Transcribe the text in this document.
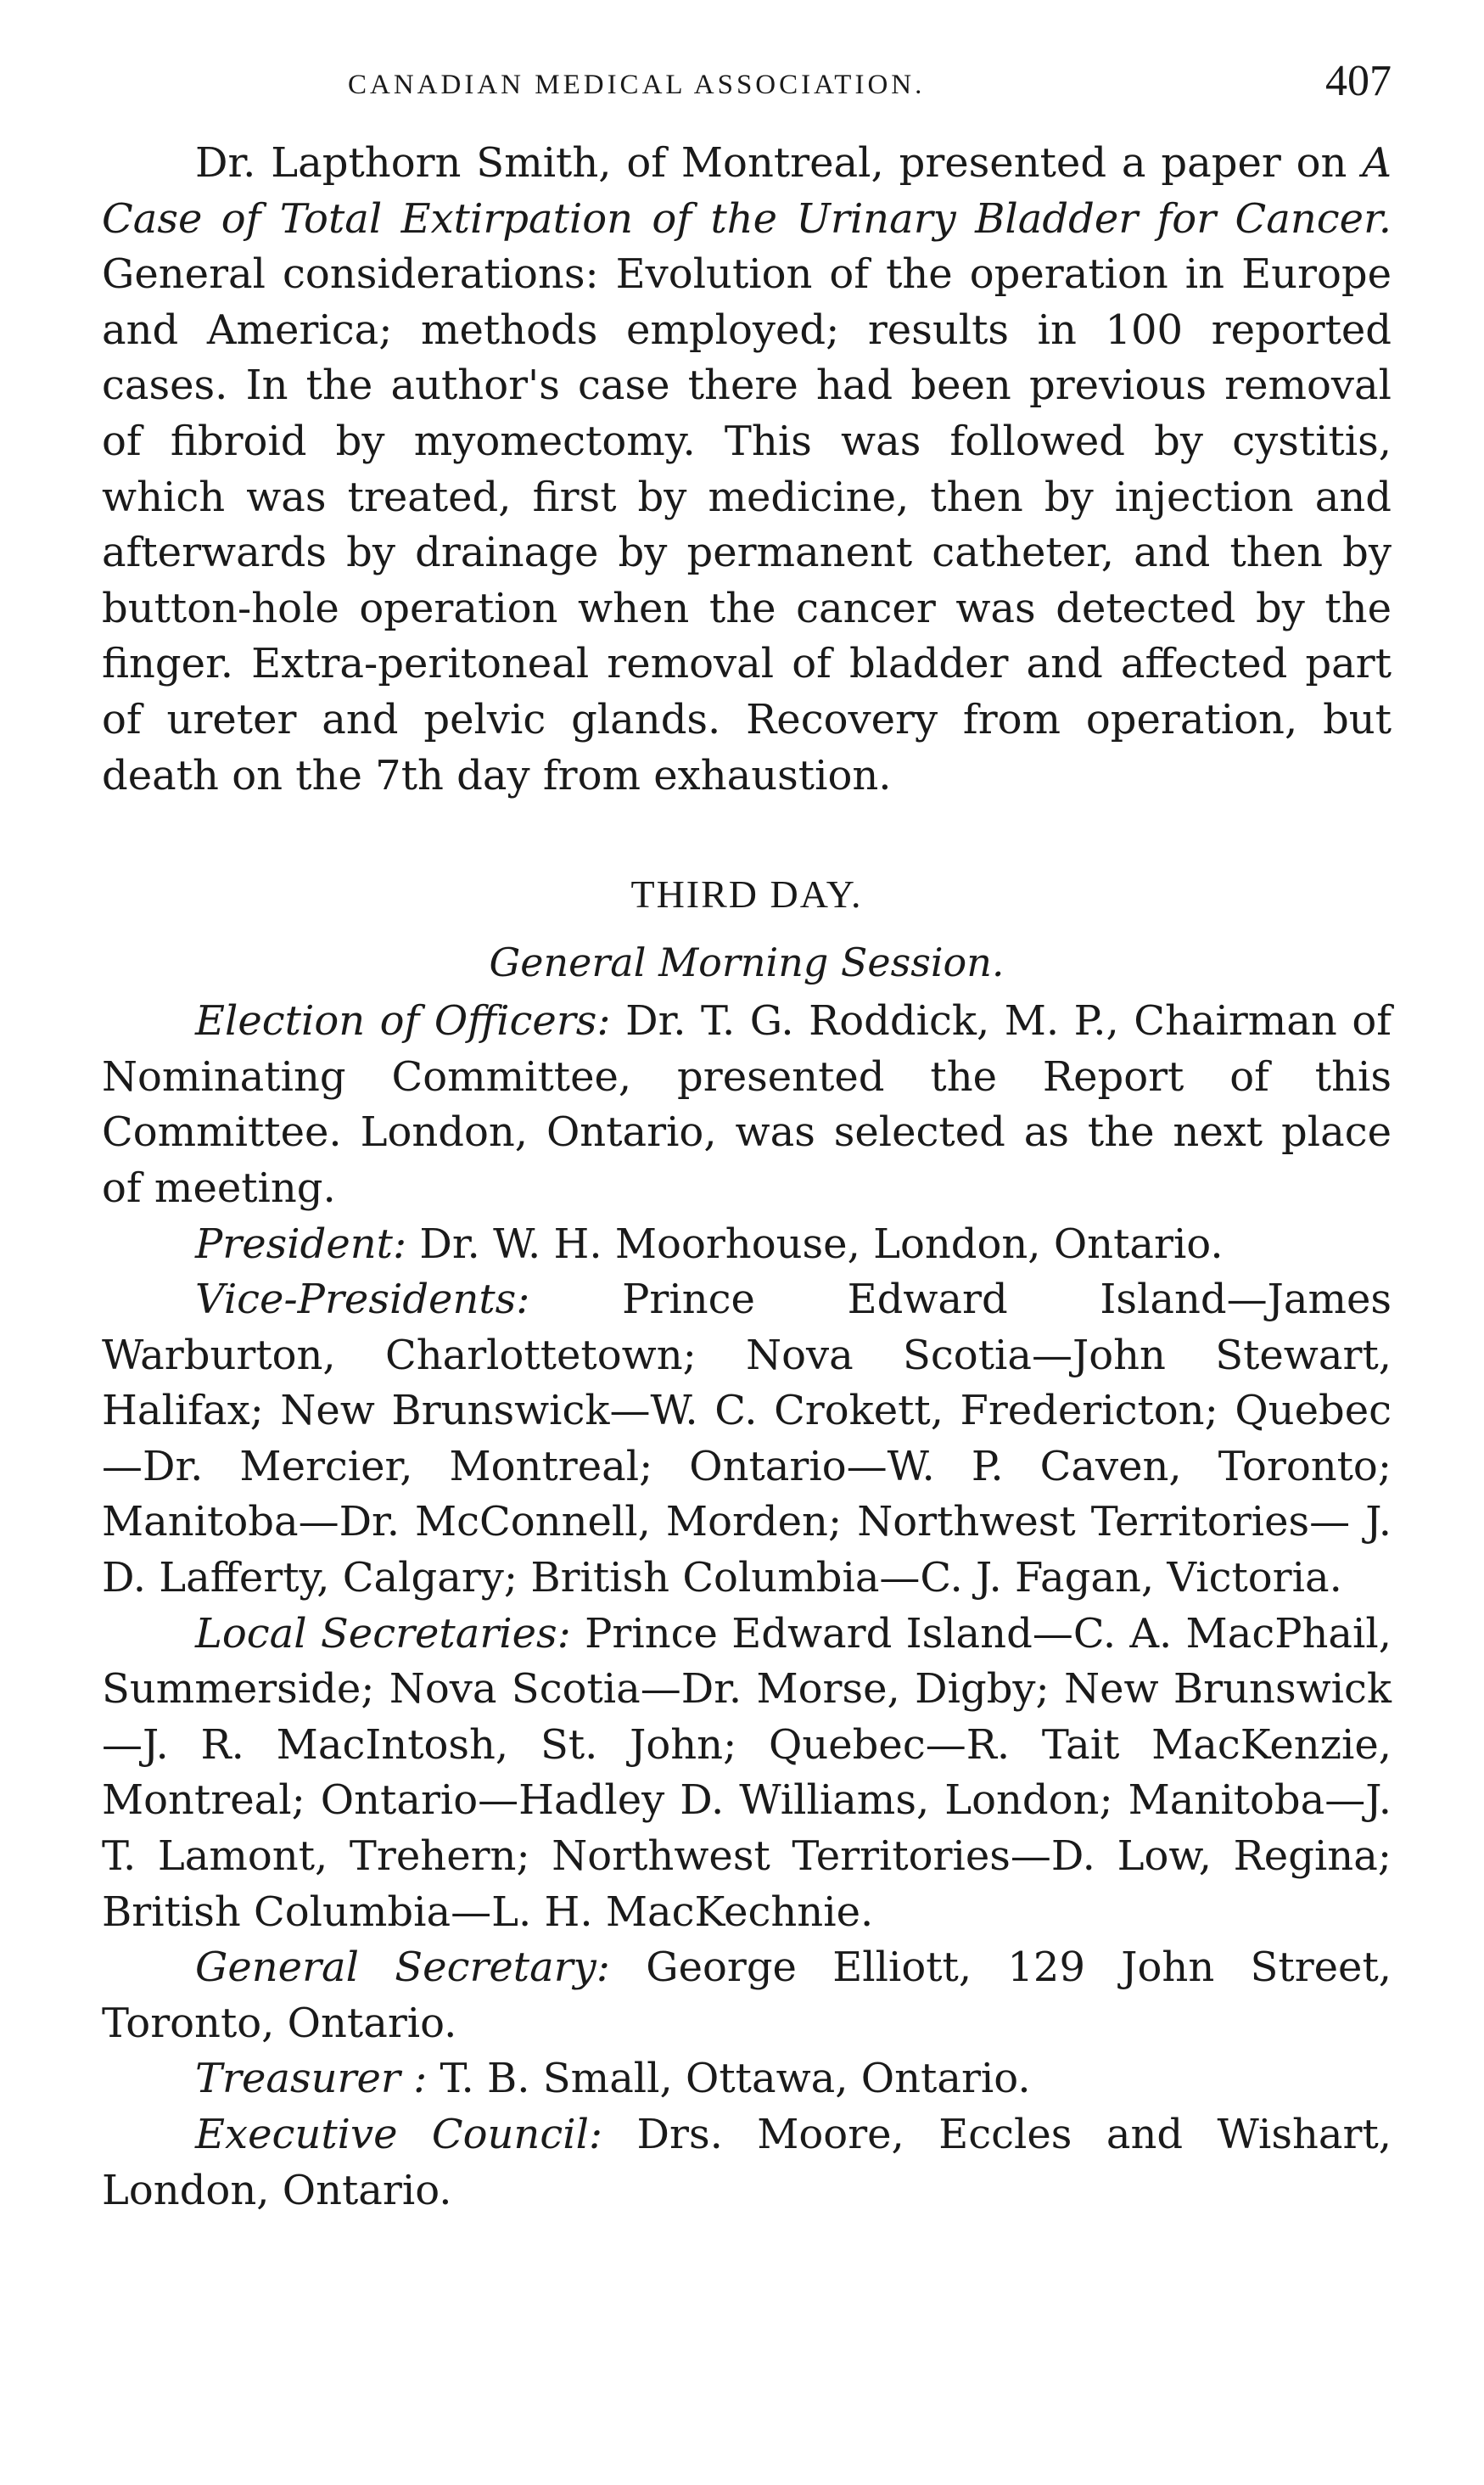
CANADIAN MEDICAL ASSOCIATION.	407

Dr. Lapthorn Smith, of Montreal, presented a paper on A Case of Total Extirpation of the Urinary Bladder for Cancer. General considerations: Evolution of the operation in Europe and America; methods employed; results in 100 reported cases. In the author's case there had been previous removal of fibroid by myomectomy. This was followed by cystitis, which was treated, first by medicine, then by injection and afterwards by drainage by permanent catheter, and then by button-hole operation when the cancer was detected by the finger. Extra-peritoneal removal of bladder and affected part of ureter and pelvic glands. Recovery from operation, but death on the 7th day from exhaustion.

THIRD DAY.
General Morning Session.

Election of Officers: Dr. T. G. Roddick, M. P., Chairman of Nominating Committee, presented the Report of this Committee. London, Ontario, was selected as the next place of meeting.

President: Dr. W. H. Moorhouse, London, Ontario.

Vice-Presidents: Prince Edward Island—James Warburton, Charlottetown; Nova Scotia—John Stewart, Halifax; New Brunswick—W. C. Crokett, Fredericton; Quebec —Dr. Mercier, Montreal; Ontario—W. P. Caven, Toronto; Manitoba—Dr. McConnell, Morden; Northwest Territories— J. D. Lafferty, Calgary; British Columbia—C. J. Fagan, Victoria.

Local Secretaries: Prince Edward Island—C. A. MacPhail, Summerside; Nova Scotia—Dr. Morse, Digby; New Brunswick—J. R. MacIntosh, St. John; Quebec—R. Tait MacKenzie, Montreal; Ontario—Hadley D. Williams, London; Manitoba—J. T. Lamont, Trehern; Northwest Territories—D. Low, Regina; British Columbia—L. H. MacKechnie.

General Secretary: George Elliott, 129 John Street, Toronto, Ontario.

Treasurer : T. B. Small, Ottawa, Ontario.

Executive Council: Drs. Moore, Eccles and Wishart, London, Ontario.
